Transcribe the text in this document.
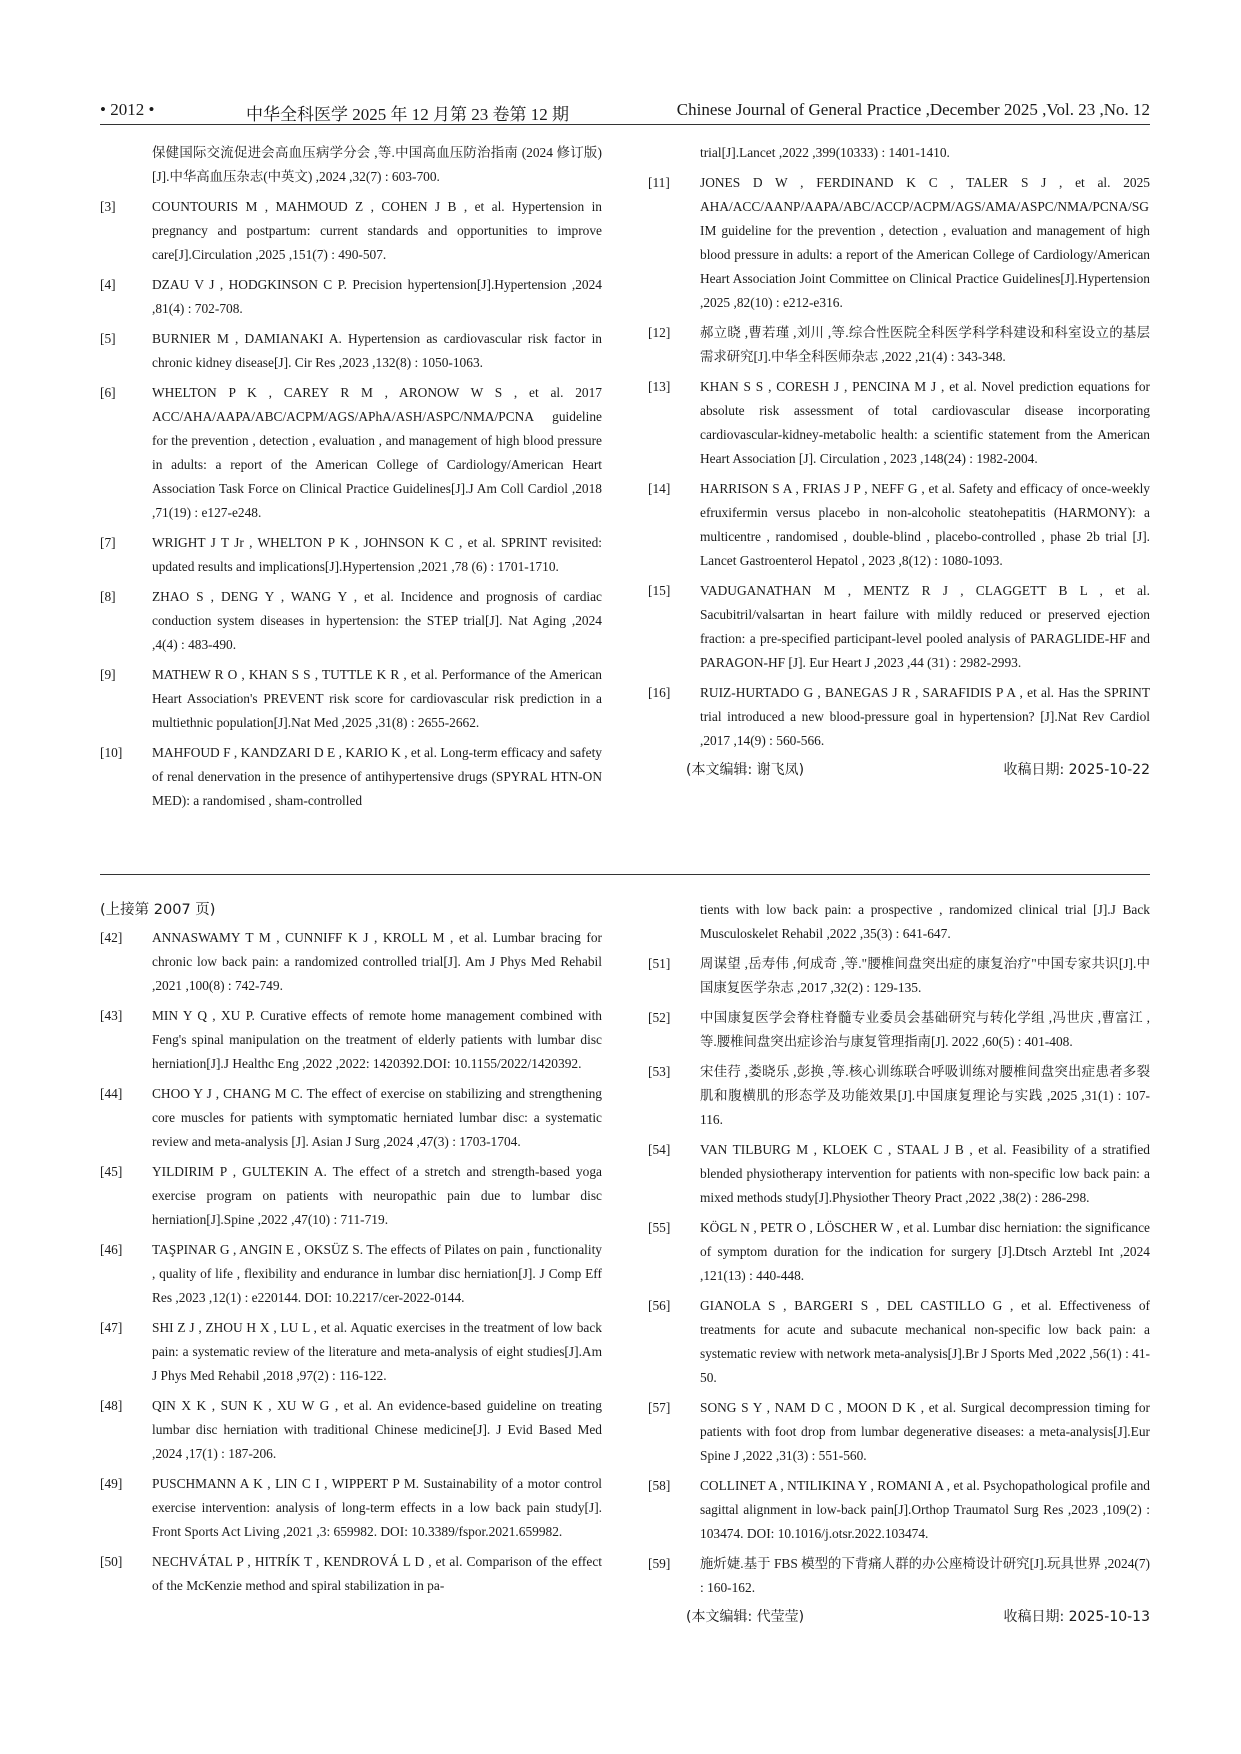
• 2012 •	中华全科医学 2025 年 12 月第 23 卷第 12 期	Chinese Journal of General Practice ,December 2025 ,Vol. 23 ,No. 12
保健国际交流促进会高血压病学分会 ,等.中国高血压防治指南 (2024 修订版) [J].中华高血压杂志(中英文) ,2024 ,32(7) : 603-700.
[3]	COUNTOURIS M , MAHMOUD Z , COHEN J B , et al. Hypertension in pregnancy and postpartum: current standards and opportunities to improve care[J].Circulation ,2025 ,151(7) : 490-507.
[4]	DZAU V J , HODGKINSON C P. Precision hypertension[J].Hypertension ,2024 ,81(4) : 702-708.
[5]	BURNIER M , DAMIANAKI A. Hypertension as cardiovascular risk factor in chronic kidney disease[J]. Cir Res ,2023 ,132(8) : 1050-1063.
[6]	WHELTON P K , CAREY R M , ARONOW W S , et al. 2017 ACC/AHA/AAPA/ABC/ACPM/AGS/APhA/ASH/ASPC/NMA/PCNA guideline for the prevention , detection , evaluation , and management of high blood pressure in adults: a report of the American College of Cardiology/American Heart Association Task Force on Clinical Practice Guidelines[J].J Am Coll Cardiol ,2018 ,71(19) : e127-e248.
[7]	WRIGHT J T Jr , WHELTON P K , JOHNSON K C , et al. SPRINT revisited: updated results and implications[J].Hypertension ,2021 ,78 (6) : 1701-1710.
[8]	ZHAO S , DENG Y , WANG Y , et al. Incidence and prognosis of cardiac conduction system diseases in hypertension: the STEP trial[J]. Nat Aging ,2024 ,4(4) : 483-490.
[9]	MATHEW R O , KHAN S S , TUTTLE K R , et al. Performance of the American Heart Association's PREVENT risk score for cardiovascular risk prediction in a multiethnic population[J].Nat Med ,2025 ,31(8) : 2655-2662.
[10] MAHFOUD F , KANDZARI D E , KARIO K , et al. Long-term efficacy and safety of renal denervation in the presence of antihypertensive drugs (SPYRAL HTN-ON MED): a randomised , sham-controlled
trial[J].Lancet ,2022 ,399(10333) : 1401-1410.
[11] JONES D W , FERDINAND K C , TALER S J , et al. 2025 AHA/ACC/AANP/AAPA/ABC/ACCP/ACPM/AGS/AMA/ASPC/NMA/PCNA/SGIM guideline for the prevention , detection , evaluation and management of high blood pressure in adults: a report of the American College of Cardiology/American Heart Association Joint Committee on Clinical Practice Guidelines[J].Hypertension ,2025 ,82(10) : e212-e316.
[12] 郝立晓 ,曹若瑾 ,刘川 ,等.综合性医院全科医学科学科建设和科室设立的基层需求研究[J].中华全科医师杂志 ,2022 ,21(4) : 343-348.
[13] KHAN S S , CORESH J , PENCINA M J , et al. Novel prediction equations for absolute risk assessment of total cardiovascular disease incorporating cardiovascular-kidney-metabolic health: a scientific statement from the American Heart Association [J]. Circulation , 2023 ,148(24) : 1982-2004.
[14] HARRISON S A , FRIAS J P , NEFF G , et al. Safety and efficacy of once-weekly efruxifermin versus placebo in non-alcoholic steatohepatitis (HARMONY): a multicentre , randomised , double-blind , placebo-controlled , phase 2b trial [J]. Lancet Gastroenterol Hepatol , 2023 ,8(12) : 1080-1093.
[15] VADUGANATHAN M , MENTZ R J , CLAGGETT B L , et al. Sacubitril/valsartan in heart failure with mildly reduced or preserved ejection fraction: a pre-specified participant-level pooled analysis of PARAGLIDE-HF and PARAGON-HF [J]. Eur Heart J ,2023 ,44 (31) : 2982-2993.
[16] RUIZ-HURTADO G , BANEGAS J R , SARAFIDIS P A , et al. Has the SPRINT trial introduced a new blood-pressure goal in hypertension? [J].Nat Rev Cardiol ,2017 ,14(9) : 560-566.
(本文编辑: 谢飞凤)	收稿日期: 2025-10-22
(上接第 2007 页)
[42] ANNASWAMY T M , CUNNIFF K J , KROLL M , et al. Lumbar bracing for chronic low back pain: a randomized controlled trial[J]. Am J Phys Med Rehabil ,2021 ,100(8) : 742-749.
[43] MIN Y Q , XU P. Curative effects of remote home management combined with Feng's spinal manipulation on the treatment of elderly patients with lumbar disc herniation[J].J Healthc Eng ,2022 ,2022: 1420392.DOI: 10.1155/2022/1420392.
[44] CHOO Y J , CHANG M C. The effect of exercise on stabilizing and strengthening core muscles for patients with symptomatic herniated lumbar disc: a systematic review and meta-analysis [J]. Asian J Surg ,2024 ,47(3) : 1703-1704.
[45] YILDIRIM P , GULTEKIN A. The effect of a stretch and strength-based yoga exercise program on patients with neuropathic pain due to lumbar disc herniation[J].Spine ,2022 ,47(10) : 711-719.
[46] TAŞPINAR G , ANGIN E , OKSÜZ S. The effects of Pilates on pain , functionality , quality of life , flexibility and endurance in lumbar disc herniation[J]. J Comp Eff Res ,2023 ,12(1) : e220144. DOI: 10.2217/cer-2022-0144.
[47] SHI Z J , ZHOU H X , LU L , et al. Aquatic exercises in the treatment of low back pain: a systematic review of the literature and meta-analysis of eight studies[J].Am J Phys Med Rehabil ,2018 ,97(2) : 116-122.
[48] QIN X K , SUN K , XU W G , et al. An evidence-based guideline on treating lumbar disc herniation with traditional Chinese medicine[J]. J Evid Based Med ,2024 ,17(1) : 187-206.
[49] PUSCHMANN A K , LIN C I , WIPPERT P M. Sustainability of a motor control exercise intervention: analysis of long-term effects in a low back pain study[J]. Front Sports Act Living ,2021 ,3: 659982. DOI: 10.3389/fspor.2021.659982.
[50] NECHVÁTAL P , HITRÍK T , KENDROVÁ L D , et al. Comparison of the effect of the McKenzie method and spiral stabilization in pa-
tients with low back pain: a prospective , randomized clinical trial [J].J Back Musculoskelet Rehabil ,2022 ,35(3) : 641-647.
[51] 周谋望 ,岳寿伟 ,何成奇 ,等."腰椎间盘突出症的康复治疗"中国专家共识[J].中国康复医学杂志 ,2017 ,32(2) : 129-135.
[52] 中国康复医学会脊柱脊髓专业委员会基础研究与转化学组 ,冯世庆 ,曹富江 ,等.腰椎间盘突出症诊治与康复管理指南[J]. 2022 ,60(5) : 401-408.
[53] 宋佳荇 ,娄晓乐 ,彭换 ,等.核心训练联合呼吸训练对腰椎间盘突出症患者多裂肌和腹横肌的形态学及功能效果[J].中国康复理论与实践 ,2025 ,31(1) : 107-116.
[54] VAN TILBURG M , KLOEK C , STAAL J B , et al. Feasibility of a stratified blended physiotherapy intervention for patients with non-specific low back pain: a mixed methods study[J].Physiother Theory Pract ,2022 ,38(2) : 286-298.
[55] KÖGL N , PETR O , LÖSCHER W , et al. Lumbar disc herniation: the significance of symptom duration for the indication for surgery [J].Dtsch Arztebl Int ,2024 ,121(13) : 440-448.
[56] GIANOLA S , BARGERI S , DEL CASTILLO G , et al. Effectiveness of treatments for acute and subacute mechanical non-specific low back pain: a systematic review with network meta-analysis[J].Br J Sports Med ,2022 ,56(1) : 41-50.
[57] SONG S Y , NAM D C , MOON D K , et al. Surgical decompression timing for patients with foot drop from lumbar degenerative diseases: a meta-analysis[J].Eur Spine J ,2022 ,31(3) : 551-560.
[58] COLLINET A , NTILIKINA Y , ROMANI A , et al. Psychopathological profile and sagittal alignment in low-back pain[J].Orthop Traumatol Surg Res ,2023 ,109(2) : 103474. DOI: 10.1016/j.otsr.2022.103474.
[59] 施炘婕.基于 FBS 模型的下背痛人群的办公座椅设计研究[J].玩具世界 ,2024(7) : 160-162.
(本文编辑: 代莹莹)	收稿日期: 2025-10-13
